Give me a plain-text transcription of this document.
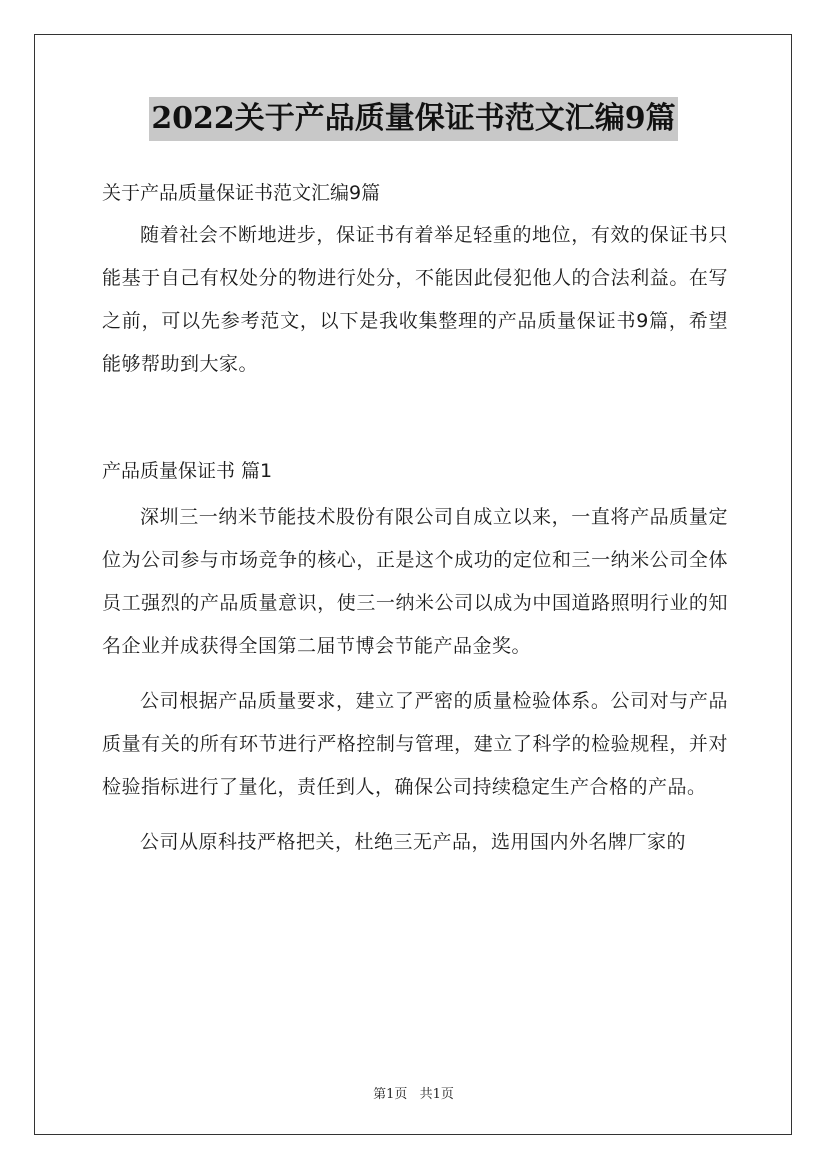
2022关于产品质量保证书范文汇编9篇

关于产品质量保证书范文汇编9篇

随着社会不断地进步，保证书有着举足轻重的地位，有效的保证书只能基于自己有权处分的物进行处分，不能因此侵犯他人的合法利益。在写之前，可以先参考范文，以下是我收集整理的产品质量保证书9篇，希望能够帮助到大家。

产品质量保证书 篇1

深圳三一纳米节能技术股份有限公司自成立以来，一直将产品质量定位为公司参与市场竞争的核心，正是这个成功的定位和三一纳米公司全体员工强烈的产品质量意识，使三一纳米公司以成为中国道路照明行业的知名企业并成获得全国第二届节博会节能产品金奖。

公司根据产品质量要求，建立了严密的质量检验体系。公司对与产品质量有关的所有环节进行严格控制与管理，建立了科学的检验规程，并对检验指标进行了量化，责任到人，确保公司持续稳定生产合格的产品。

公司从原科技严格把关，杜绝三无产品，选用国内外名牌厂家的

第1页 共1页
